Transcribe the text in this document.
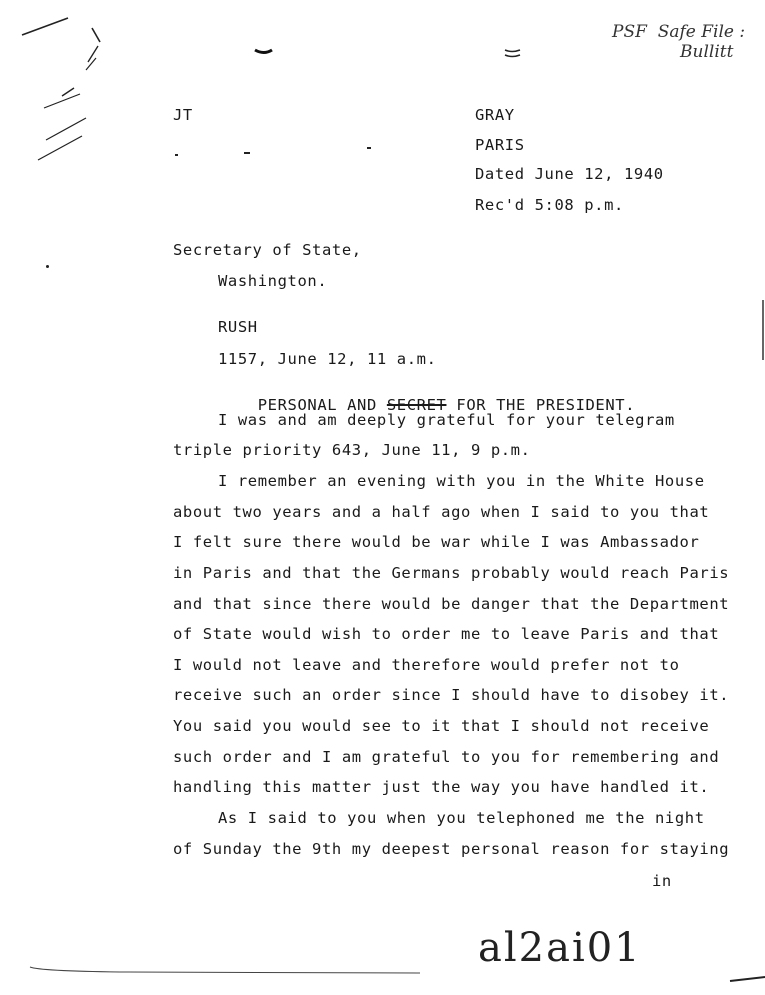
PSF  Safe File :
Bullitt
JT	GRAY
PARIS
Dated June 12, 1940
Rec'd 5:08 p.m.
Secretary of State,
Washington.
RUSH
1157, June 12, 11 a.m.

PERSONAL AND SECRET FOR THE PRESIDENT.

I was and am deeply grateful for your telegram
triple priority 643, June 11, 9 p.m.
I remember an evening with you in the White House
about two years and a half ago when I said to you that
I felt sure there would be war while I was Ambassador
in Paris and that the Germans probably would reach Paris
and that since there would be danger that the Department
of State would wish to order me to leave Paris and that
I would not leave and therefore would prefer not to
receive such an order since I should have to disobey it.
You said you would see to it that I should not receive
such order and I am grateful to you for remembering and
handling this matter just the way you have handled it.
As I said to you when you telephoned me the night
of Sunday the 9th my deepest personal reason for staying
in
al2ai01
